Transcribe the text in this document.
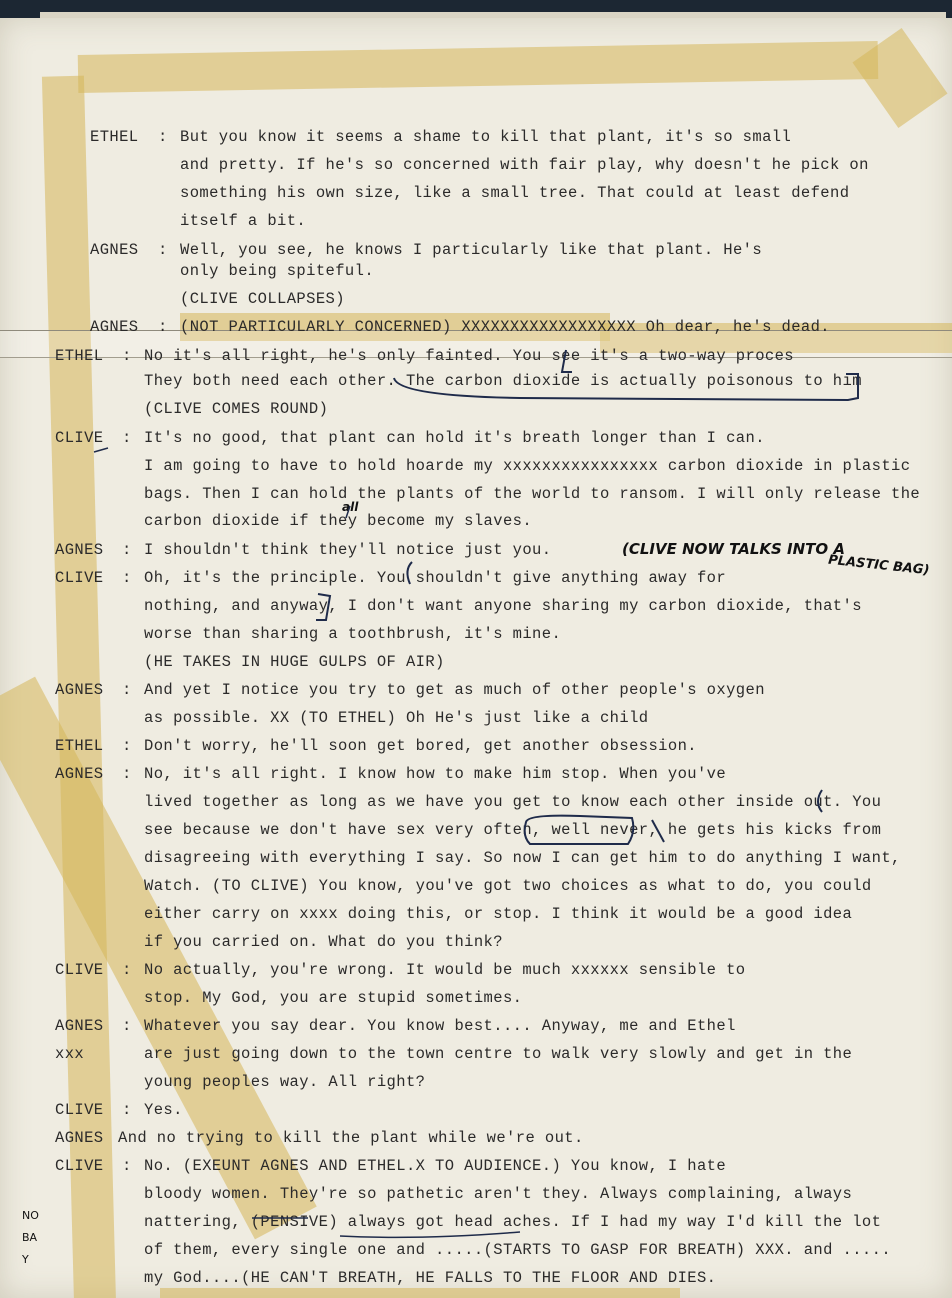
ETHEL : But you know it seems a shame to kill that plant, it's so small
and pretty. If he's so concerned with fair play, why doesn't he pick on
something his own size, like a small tree. That could at least defend
itself a bit.
AGNES : Well, you see, he knows I particularly like that plant. He's
only being spiteful.
(CLIVE COLLAPSES)
AGNES : (NOT PARTICULARLY CONCERNED) XXXXXXXXXXXXXXXXXX Oh dear, he's dead.
ETHEL : No it's all right, he's only fainted. You see it's a two-way proces
They both need each other. The carbon dioxide is actually poisonous to him
(CLIVE COMES ROUND)
CLIVE : It's no good, that plant can hold it's breath longer than I can.
I am going to have to hold hoarde my xxxxxxxxxxxxxxxx carbon dioxide in plastic
bags. Then I can hold the plants of the world to ransom. I will only release the
carbon dioxide if they become my slaves.
AGNES : I shouldn't think they'll notice just you.
CLIVE : Oh, it's the principle. You shouldn't give anything away for
nothing, and anyway, I don't want anyone sharing my carbon dioxide, that's
worse than sharing a toothbrush, it's mine.
(HE TAKES IN HUGE GULPS OF AIR)
AGNES : And yet I notice you try to get as much of other people's oxygen
as possible. XX (TO ETHEL) Oh He's just like a child
ETHEL : Don't worry, he'll soon get bored, get another obsession.
AGNES : No, it's all right. I know how to make him stop. When you've
lived together as long as we have you get to know each other inside out. You
see because we don't have sex very often, well never, he gets his kicks from
disagreeing with everything I say. So now I can get him to do anything I want,
Watch. (TO CLIVE) You know, you've got two choices as what to do, you could
either carry on xxxx doing this, or stop. I think it would be a good idea
if you carried on. What do you think?
CLIVE : No actually, you're wrong. It would be much xxxxxx sensible to
stop. My God, you are stupid sometimes.
AGNES : Whatever you say dear. You know best.... Anyway, me and Ethel
xxx	are just going down to the town centre to walk very slowly and get in the
young peoples way. All right?
CLIVE : Yes.
AGNES And no trying to kill the plant while we're out.
CLIVE : No. (EXEUNT AGNES AND ETHEL.X TO AUDIENCE.) You know, I hate
bloody women. They're so pathetic aren't they. Always complaining, always
nattering, (PENSIVE) always got head aches. If I had my way I'd kill the lot
of them, every single one and .....(STARTS TO GASP FOR BREATH) XXX. and .....
my God....(HE CAN'T BREATH, HE FALLS TO THE FLOOR AND DIES.
(CLIVE NOW TALKS INTO A
PLASTIC BAG)
all
NO BA Y
